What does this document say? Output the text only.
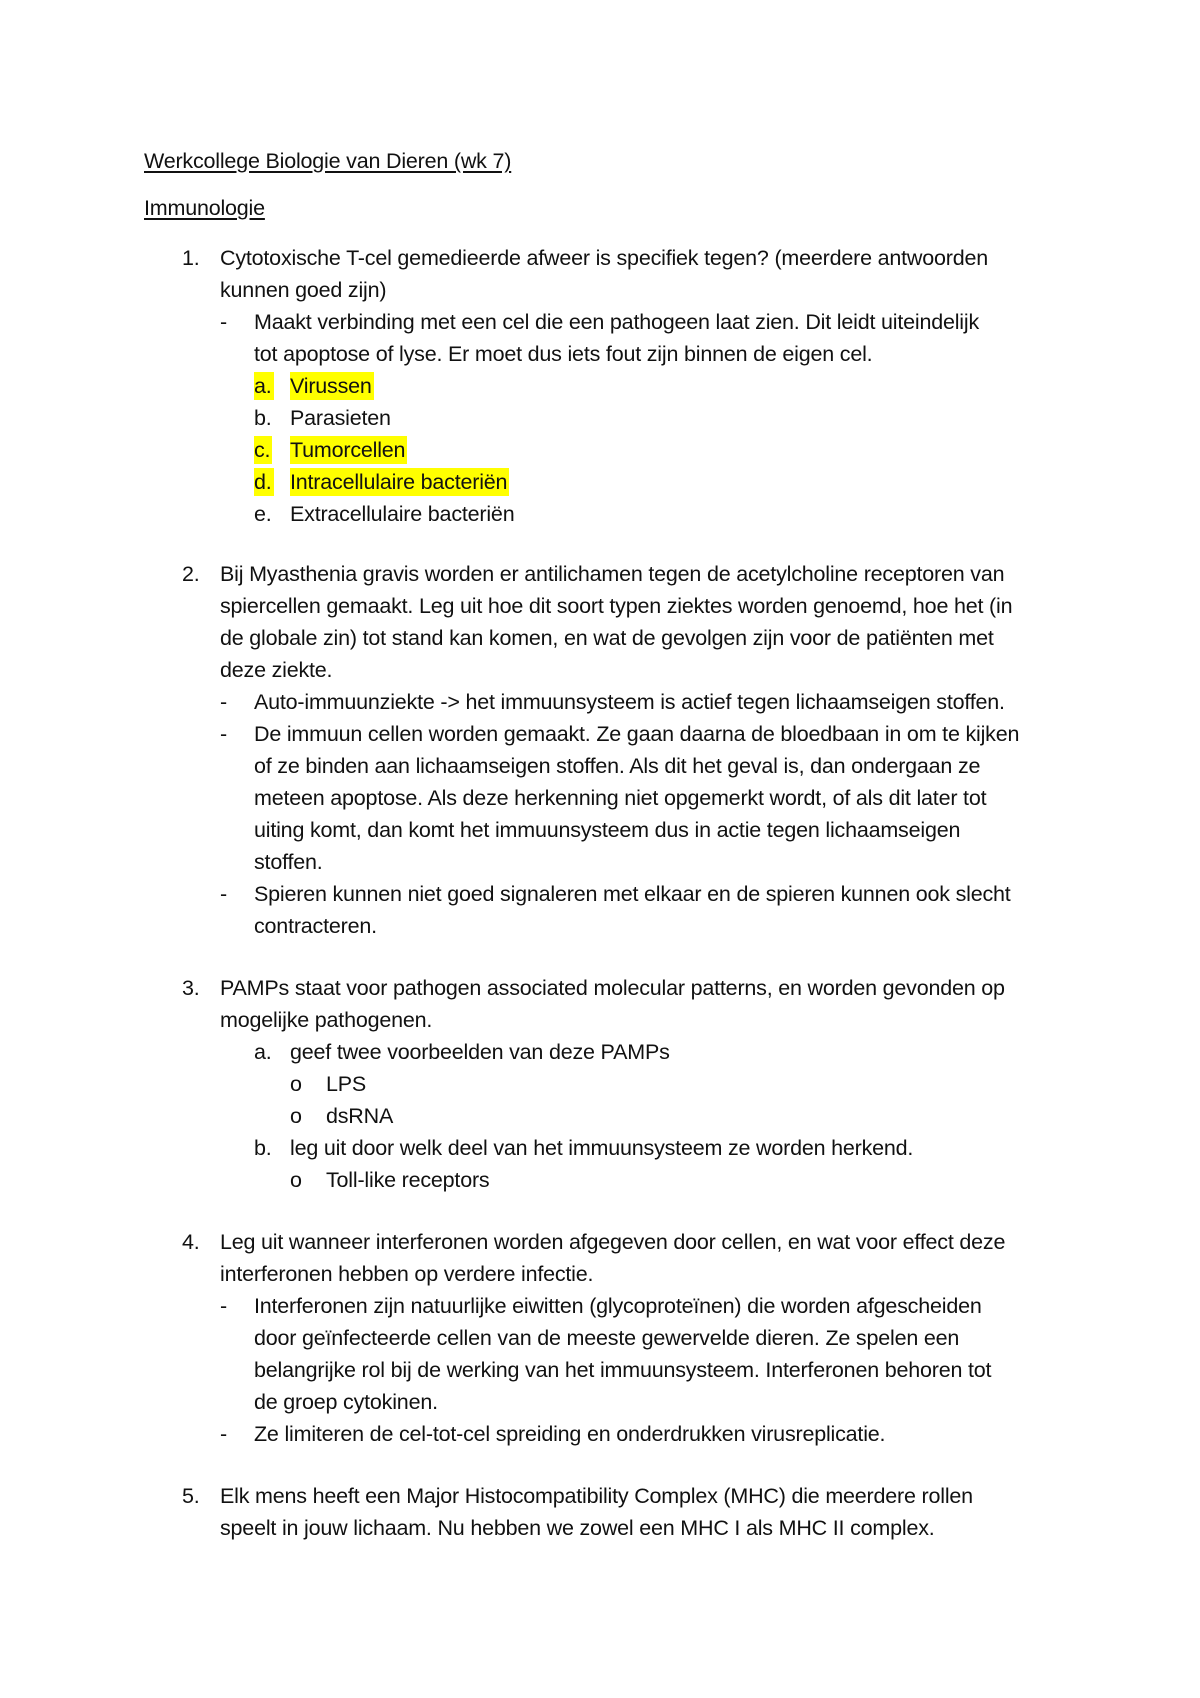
Werkcollege Biologie van Dieren (wk 7)
Immunologie
1. Cytotoxische T-cel gemedieerde afweer is specifiek tegen? (meerdere antwoorden
kunnen goed zijn)
- Maakt verbinding met een cel die een pathogeen laat zien. Dit leidt uiteindelijk
tot apoptose of lyse. Er moet dus iets fout zijn binnen de eigen cel.
a. Virussen
b. Parasieten
c. Tumorcellen
d. Intracellulaire bacteriën
e. Extracellulaire bacteriën
2. Bij Myasthenia gravis worden er antilichamen tegen de acetylcholine receptoren van
spiercellen gemaakt. Leg uit hoe dit soort typen ziektes worden genoemd, hoe het (in
de globale zin) tot stand kan komen, en wat de gevolgen zijn voor de patiënten met
deze ziekte.
- Auto-immuunziekte -> het immuunsysteem is actief tegen lichaamseigen stoffen.
- De immuun cellen worden gemaakt. Ze gaan daarna de bloedbaan in om te kijken
of ze binden aan lichaamseigen stoffen. Als dit het geval is, dan ondergaan ze
meteen apoptose. Als deze herkenning niet opgemerkt wordt, of als dit later tot
uiting komt, dan komt het immuunsysteem dus in actie tegen lichaamseigen
stoffen.
- Spieren kunnen niet goed signaleren met elkaar en de spieren kunnen ook slecht
contracteren.
3. PAMPs staat voor pathogen associated molecular patterns, en worden gevonden op
mogelijke pathogenen.
a. geef twee voorbeelden van deze PAMPs
o LPS
o dsRNA
b. leg uit door welk deel van het immuunsysteem ze worden herkend.
o Toll-like receptors
4. Leg uit wanneer interferonen worden afgegeven door cellen, en wat voor effect deze
interferonen hebben op verdere infectie.
- Interferonen zijn natuurlijke eiwitten (glycoproteïnen) die worden afgescheiden
door geïnfecteerde cellen van de meeste gewervelde dieren. Ze spelen een
belangrijke rol bij de werking van het immuunsysteem. Interferonen behoren tot
de groep cytokinen.
- Ze limiteren de cel-tot-cel spreiding en onderdrukken virusreplicatie.
5. Elk mens heeft een Major Histocompatibility Complex (MHC) die meerdere rollen
speelt in jouw lichaam. Nu hebben we zowel een MHC I als MHC II complex.
